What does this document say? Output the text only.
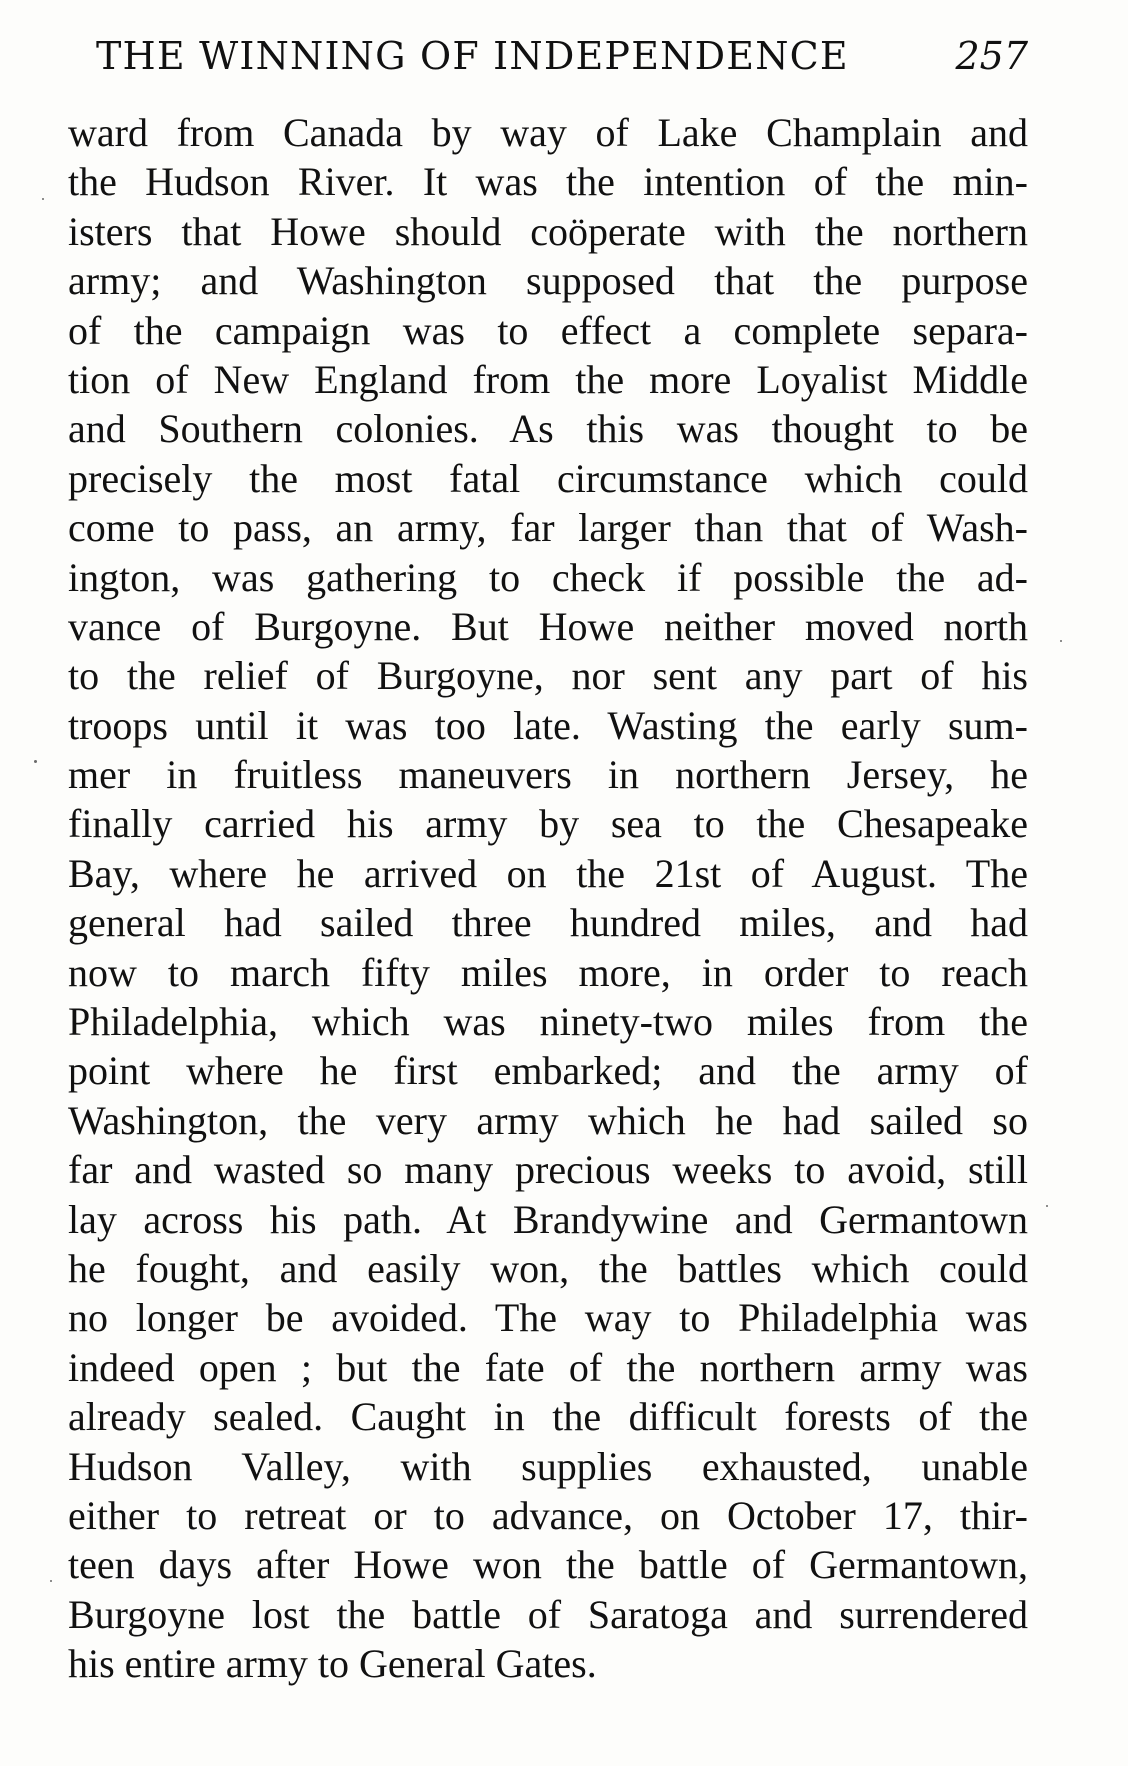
THE WINNING OF INDEPENDENCE	257
ward from Canada by way of Lake Champlain and
the Hudson River. It was the intention of the min-
isters that Howe should coöperate with the northern
army; and Washington supposed that the purpose
of the campaign was to effect a complete separa-
tion of New England from the more Loyalist Middle
and Southern colonies. As this was thought to be
precisely the most fatal circumstance which could
come to pass, an army, far larger than that of Wash-
ington, was gathering to check if possible the ad-
vance of Burgoyne. But Howe neither moved north
to the relief of Burgoyne, nor sent any part of his
troops until it was too late. Wasting the early sum-
mer in fruitless maneuvers in northern Jersey, he
finally carried his army by sea to the Chesapeake
Bay, where he arrived on the 21st of August. The
general had sailed three hundred miles, and had
now to march fifty miles more, in order to reach
Philadelphia, which was ninety-two miles from the
point where he first embarked; and the army of
Washington, the very army which he had sailed so
far and wasted so many precious weeks to avoid, still
lay across his path. At Brandywine and Germantown
he fought, and easily won, the battles which could
no longer be avoided. The way to Philadelphia was
indeed open ; but the fate of the northern army was
already sealed. Caught in the difficult forests of the
Hudson Valley, with supplies exhausted, unable
either to retreat or to advance, on October 17, thir-
teen days after Howe won the battle of Germantown,
Burgoyne lost the battle of Saratoga and surrendered
his entire army to General Gates.
